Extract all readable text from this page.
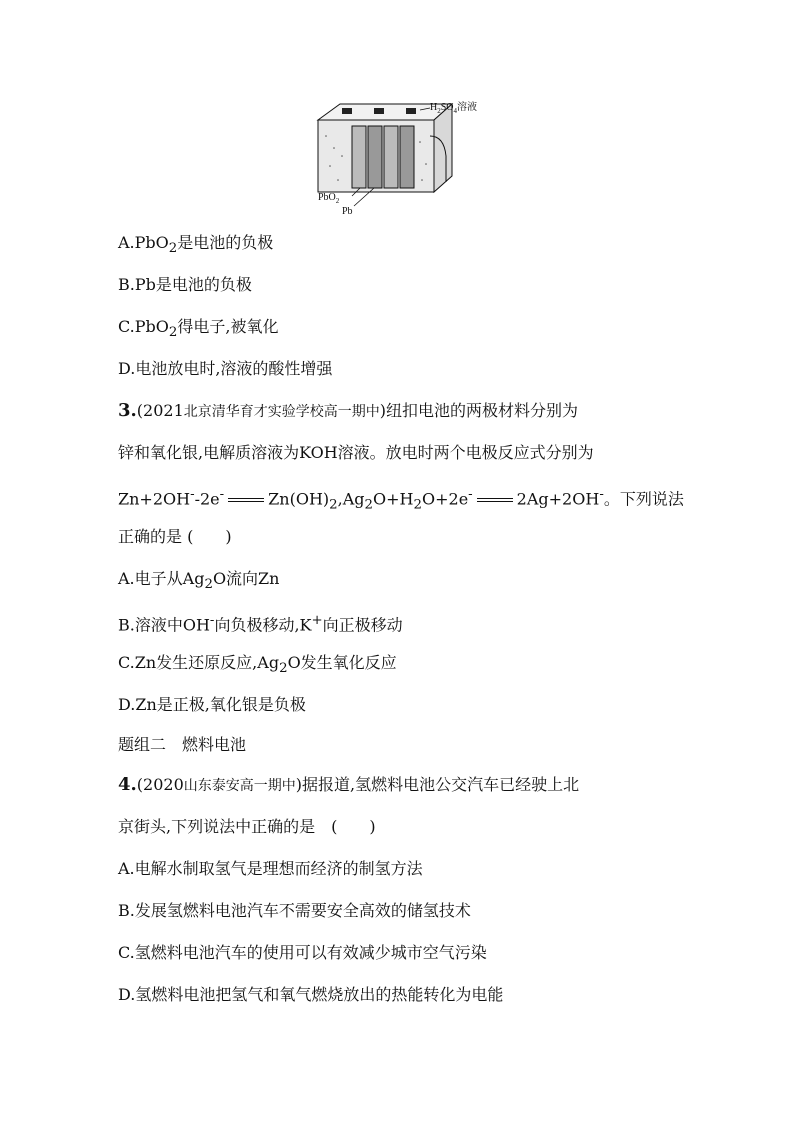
$H_2SO_4$溶液
PbO$_2$
Pb
A.PbO$_2$是电池的负极
B.Pb是电池的负极
C.PbO$_2$得电子,被氧化
D.电池放电时,溶液的酸性增强
3.(2021北京清华育才实验学校高一期中)纽扣电池的两极材料分别为
锌和氧化银,电解质溶液为KOH溶液。放电时两个电极反应式分别为
Zn+2OH--2e-	$Zn(OH)_2,Ag_2O+H_2O+2e^-$	2Ag+2OH-。下列说法
正确的是 (　　)
A.电子从$Ag_2O$流向Zn
B.溶液中OH-向负极移动,K+向正极移动
C.Zn发生还原反应$,Ag_2O$发生氧化反应
D.Zn是正极,氧化银是负极
题组二　燃料电池
4.(2020山东泰安高一期中)据报道,氢燃料电池公交汽车已经驶上北
京街头,下列说法中正确的是　(　　)
A.电解水制取氢气是理想而经济的制氢方法
B.发展氢燃料电池汽车不需要安全高效的储氢技术
C.氢燃料电池汽车的使用可以有效减少城市空气污染
D.氢燃料电池把氢气和氧气燃烧放出的热能转化为电能
